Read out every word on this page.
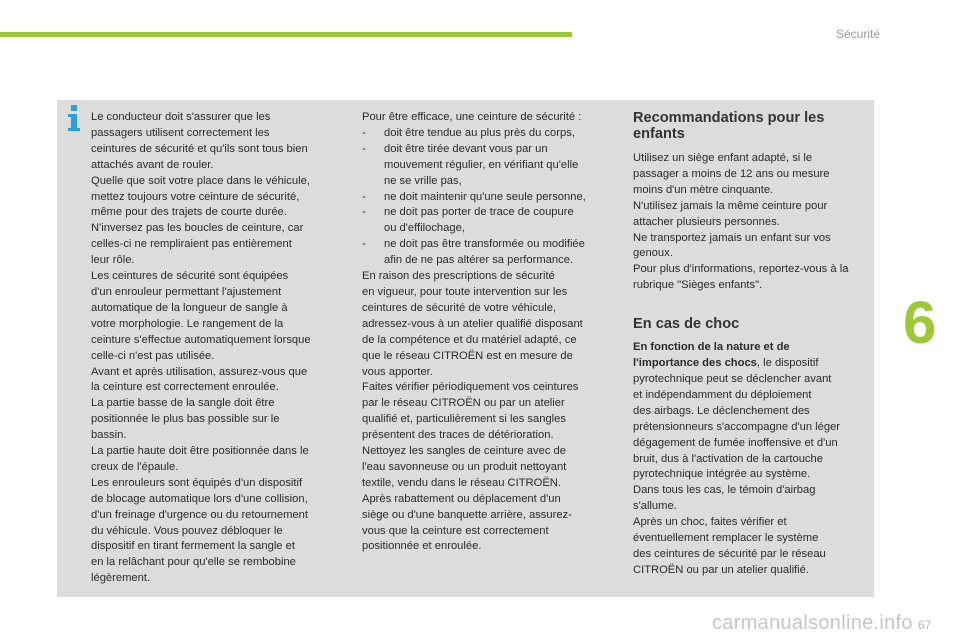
Sécurité
6

Le conducteur doit s'assurer que les

passagers utilisent correctement les

ceintures de sécurité et qu'ils sont tous bien

attachés avant de rouler.

Quelle que soit votre place dans le véhicule,

mettez toujours votre ceinture de sécurité,

même pour des trajets de courte durée.

N'inversez pas les boucles de ceinture, car

celles-ci ne rempliraient pas entièrement

leur rôle.

Les ceintures de sécurité sont équipées

d'un enrouleur permettant l'ajustement

automatique de la longueur de sangle à

votre morphologie. Le rangement de la

ceinture s'effectue automatiquement lorsque

celle-ci n'est pas utilisée.

Avant et après utilisation, assurez-vous que

la ceinture est correctement enroulée.

La partie basse de la sangle doit être

positionnée le plus bas possible sur le

bassin.

La partie haute doit être positionnée dans le

creux de l'épaule.

Les enrouleurs sont équipés d'un dispositif

de blocage automatique lors d'une collision,

d'un freinage d'urgence ou du retournement

du véhicule. Vous pouvez débloquer le

dispositif en tirant fermement la sangle et

en la relâchant pour qu'elle se rembobine

légèrement.

Pour être efficace, une ceinture de sécurité :
-	doit être tendue au plus près du corps,
-	doit être tirée devant vous par un
mouvement régulier, en vérifiant qu'elle
ne se vrille pas,
-	ne doit maintenir qu'une seule personne,
-	ne doit pas porter de trace de coupure
ou d'effilochage,
-	ne doit pas être transformée ou modifiée
afin de ne pas altérer sa performance.
En raison des prescriptions de sécurité
en vigueur, pour toute intervention sur les
ceintures de sécurité de votre véhicule,
adressez-vous à un atelier qualifié disposant
de la compétence et du matériel adapté, ce
que le réseau CITROËN est en mesure de
vous apporter.
Faites vérifier périodiquement vos ceintures
par le réseau CITROËN ou par un atelier
qualifié et, particulièrement si les sangles
présentent des traces de détérioration.
Nettoyez les sangles de ceinture avec de
l'eau savonneuse ou un produit nettoyant
textile, vendu dans le réseau CITROËN.
Après rabattement ou déplacement d'un
siège ou d'une banquette arrière, assurez-
vous que la ceinture est correctement
positionnée et enroulée.
Recommandations pour les
enfants

Utilisez un siège enfant adapté, si le

passager a moins de 12 ans ou mesure

moins d'un mètre cinquante.

N'utilisez jamais la même ceinture pour

attacher plusieurs personnes.

Ne transportez jamais un enfant sur vos

genoux.

Pour plus d'informations, reportez-vous à la

rubrique "Sièges enfants".

En cas de choc

En fonction de la nature et de
l'importance des chocs, le dispositif

pyrotechnique peut se déclencher avant

et indépendamment du déploiement

des airbags. Le déclenchement des

prétensionneurs s'accompagne d'un léger

dégagement de fumée inoffensive et d'un

bruit, dus à l'activation de la cartouche

pyrotechnique intégrée au système.

Dans tous les cas, le témoin d'airbag

s'allume.

Après un choc, faites vérifier et

éventuellement remplacer le système

des ceintures de sécurité par le réseau

CITROËN ou par un atelier qualifié.

carmanualsonline.info 67
